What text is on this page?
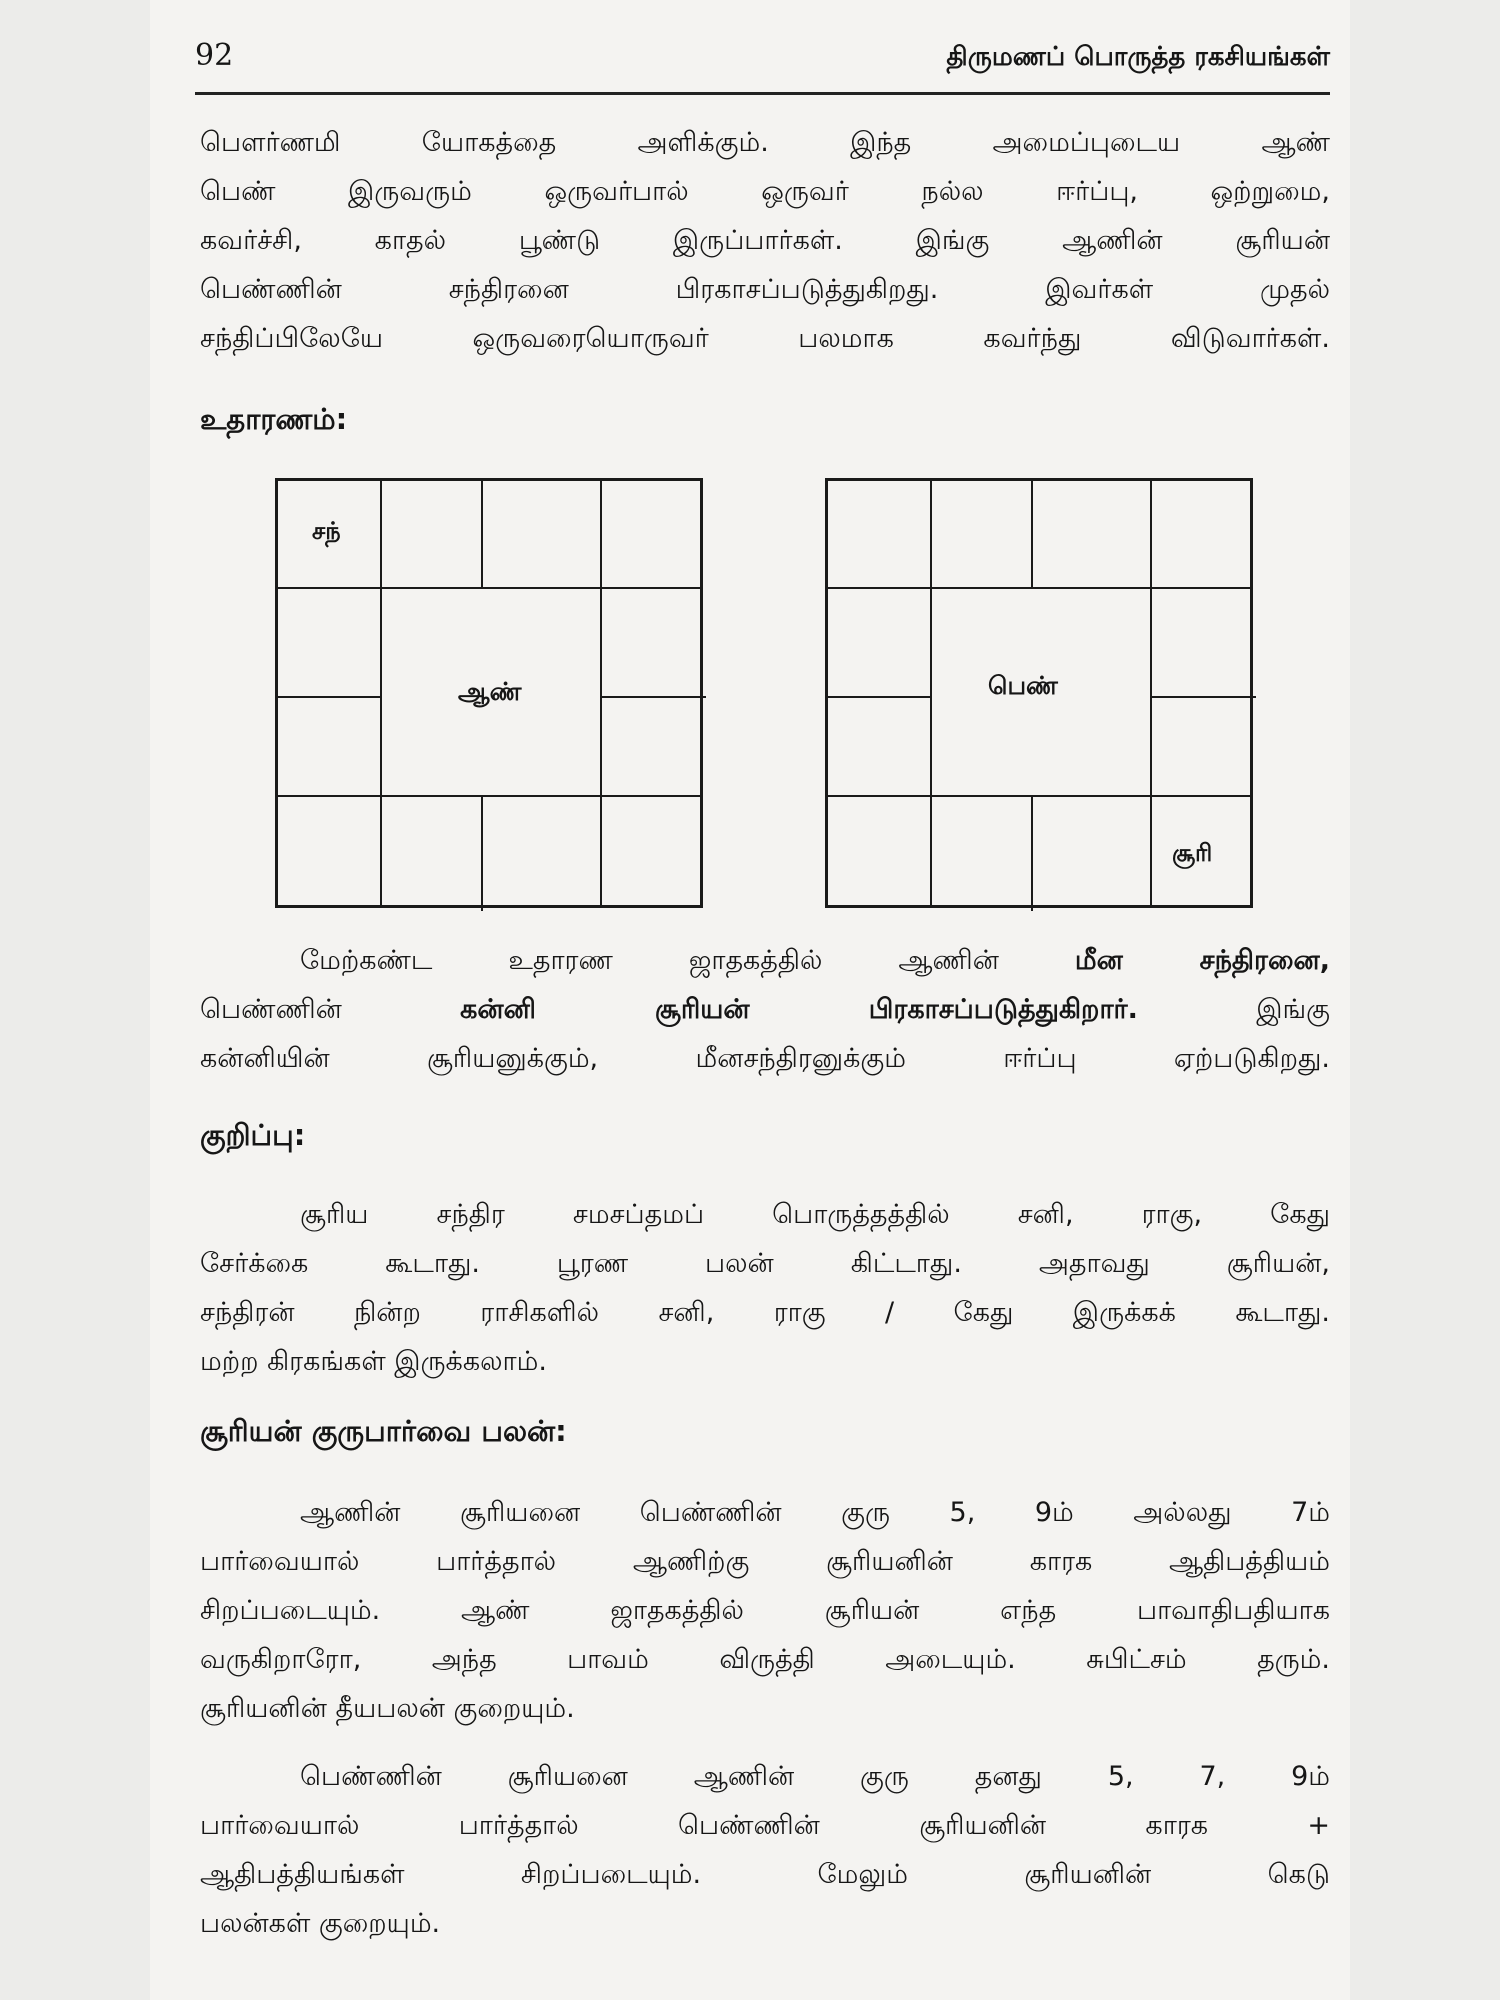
92	திருமணப் பொருத்த ரகசியங்கள்
பௌர்ணமி யோகத்தை அளிக்கும். இந்த அமைப்புடைய ஆண்
பெண் இருவரும் ஒருவர்பால் ஒருவர் நல்ல ஈர்ப்பு, ஒற்றுமை,
கவர்ச்சி, காதல் பூண்டு இருப்பார்கள். இங்கு ஆணின் சூரியன்
பெண்ணின் சந்திரனை பிரகாசப்படுத்துகிறது. இவர்கள் முதல்
சந்திப்பிலேயே ஒருவரையொருவர் பலமாக கவர்ந்து விடுவார்கள்.
உதாரணம்:
சந்
ஆண்	பெண்
சூரி
மேற்கண்ட உதாரண ஜாதகத்தில் ஆணின் மீன சந்திரனை,
பெண்ணின் கன்னி சூரியன் பிரகாசப்படுத்துகிறார். இங்கு
கன்னியின் சூரியனுக்கும், மீனசந்திரனுக்கும் ஈர்ப்பு ஏற்படுகிறது.
குறிப்பு:
சூரிய சந்திர சமசப்தமப் பொருத்தத்தில் சனி, ராகு, கேது
சேர்க்கை கூடாது. பூரண பலன் கிட்டாது. அதாவது சூரியன்,
சந்திரன் நின்ற ராசிகளில் சனி, ராகு / கேது இருக்கக் கூடாது.
மற்ற கிரகங்கள் இருக்கலாம்.
சூரியன் குருபார்வை பலன்:
ஆணின் சூரியனை பெண்ணின் குரு 5, 9ம் அல்லது 7ம்
பார்வையால் பார்த்தால் ஆணிற்கு சூரியனின் காரக ஆதிபத்தியம்
சிறப்படையும். ஆண் ஜாதகத்தில் சூரியன் எந்த பாவாதிபதியாக
வருகிறாரோ, அந்த பாவம் விருத்தி அடையும். சுபிட்சம் தரும்.
சூரியனின் தீயபலன் குறையும்.
பெண்ணின் சூரியனை ஆணின் குரு தனது 5, 7, 9ம்
பார்வையால் பார்த்தால் பெண்ணின் சூரியனின் காரக +
ஆதிபத்தியங்கள் சிறப்படையும். மேலும் சூரியனின் கெடு
பலன்கள் குறையும்.
